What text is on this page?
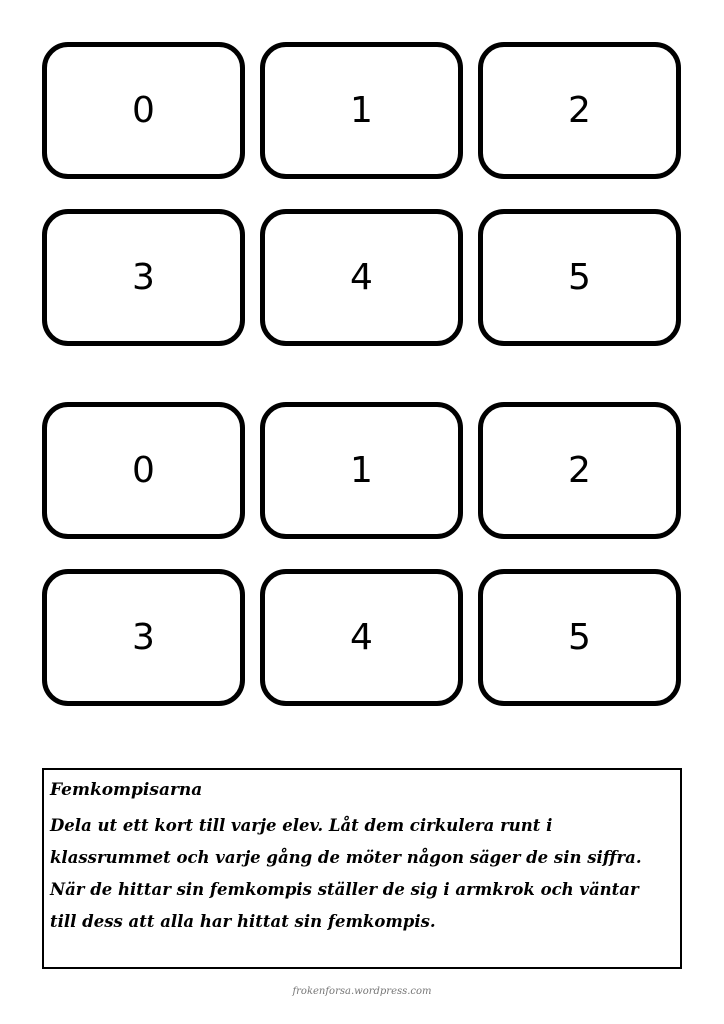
0	1	2
3	4	5
0	1	2
3	4	5
Femkompisarna
Dela ut ett kort till varje elev. Låt dem cirkulera runt i
klassrummet och varje gång de möter någon säger de sin siffra.
När de hittar sin femkompis ställer de sig i armkrok och väntar
till dess att alla har hittat sin femkompis.
frokenforsa.wordpress.com
